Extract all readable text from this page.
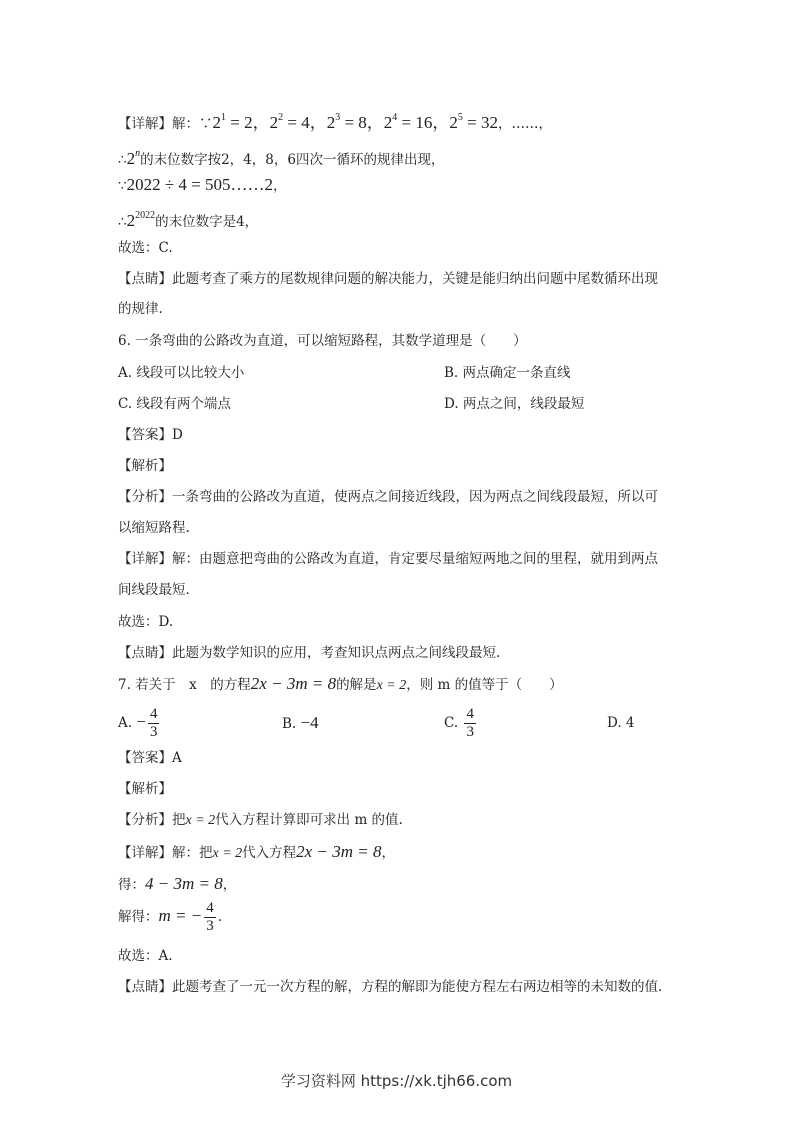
【详解】解：$\because 2^1 = 2$，$2^2 = 4$，$2^3 = 8$，$2^4 = 16$，$2^5 = 32$，……，
∴2$^n$的末位数字按2，4，8，6四次一循环的规律出现，
∵2022 ÷ 4 = 505……2，
$\therefore 2^{2022}$的末位数字是4，
故选：C.
【点睛】此题考查了乘方的尾数规律问题的解决能力，关键是能归纳出问题中尾数循环出现
的规律.
6. 一条弯曲的公路改为直道，可以缩短路程，其数学道理是（　　）
A. 线段可以比较大小	B. 两点确定一条直线
C. 线段有两个端点	D. 两点之间，线段最短
【答案】D
【解析】
【分析】一条弯曲的公路改为直道，使两点之间接近线段，因为两点之间线段最短，所以可
以缩短路程.
【详解】解：由题意把弯曲的公路改为直道，肯定要尽量缩短两地之间的里程，就用到两点
间线段最短.
故选：D.
【点睛】此题为数学知识的应用，考查知识点两点之间线段最短.
7. 若关于　x　的方程2x − 3m = 8的解是x = 2，则 m 的值等于（　　）
A. − $\frac{4}{3}$	B. −4	C. $\frac{4}{3}$	D. 4
【答案】A
【解析】
【分析】把x = 2代入方程计算即可求出 m 的值.
【详解】解：把x = 2代入方程2x − 3m = 8，
得：4 − 3m = 8，
解得：m = − $\frac{4}{3}$ .
故选：A.
【点睛】此题考查了一元一次方程的解，方程的解即为能使方程左右两边相等的未知数的值.
学习资料网 https://xk.tjh66.com
